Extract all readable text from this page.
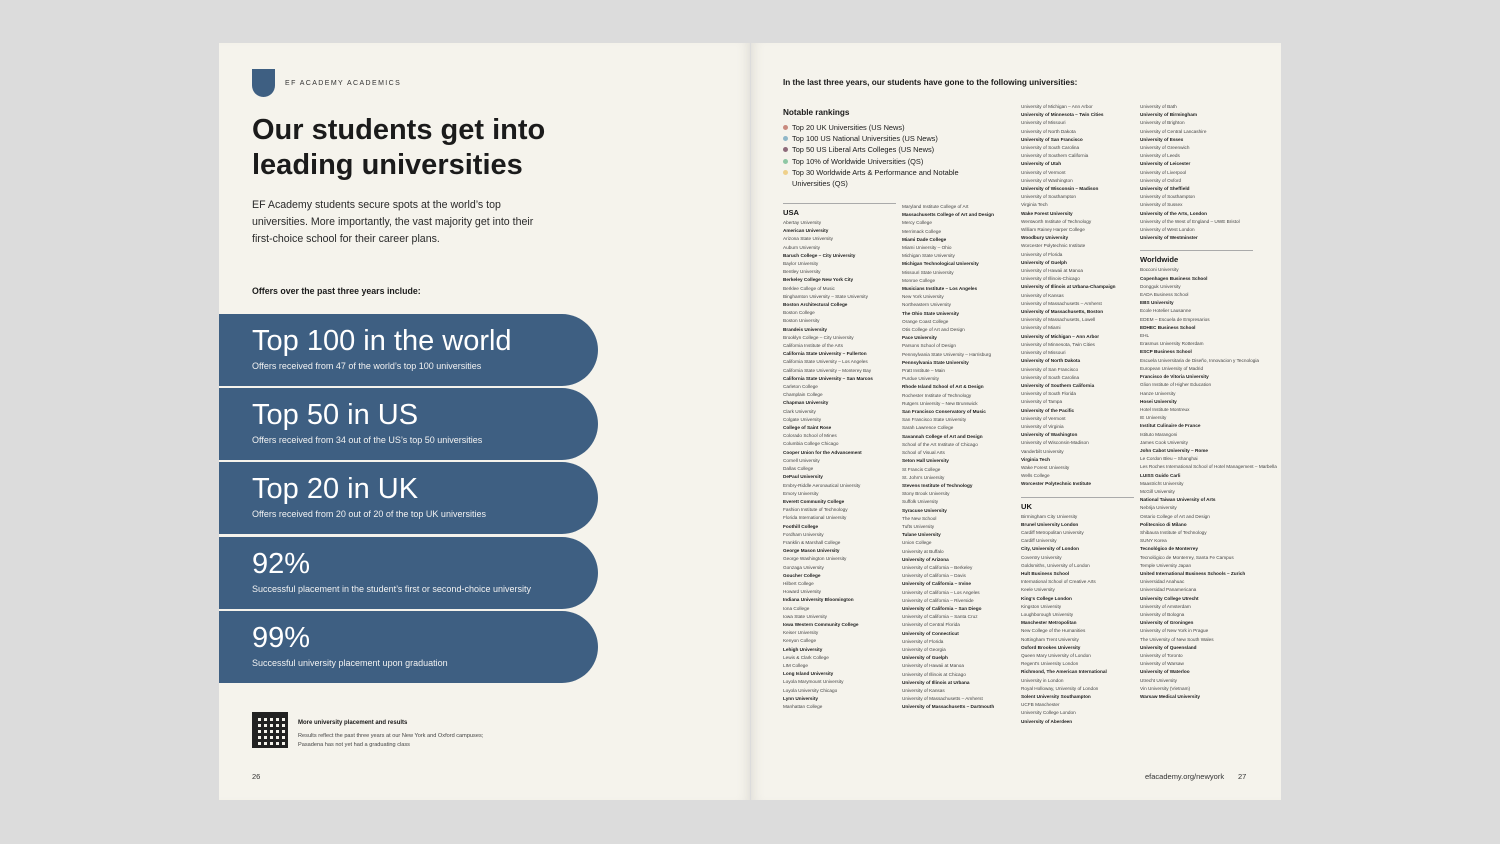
EF ACADEMY ACADEMICS
Our students get into leading universities

EF Academy students secure spots at the world’s top universities. More importantly, the vast majority get into their first-choice school for their career plans.

Offers over the past three years include:
Top 100 in the world
Offers received from 47 of the world’s top 100 universities
Top 50 in US
Offers received from 34 out of the US’s top 50 universities
Top 20 in UK
Offers received from 20 out of 20 of the top UK universities
92%
Successful placement in the student’s first or second-choice university
99%
Successful university placement upon graduation
More university placement and results
Results reflect the past three years at our New York and Oxford campuses; Pasadena has not yet had a graduating class
26
In the last three years, our students have gone to the following universities:
Notable rankings
Top 20 UK Universities (US News)
Top 100 US National Universities (US News)
Top 50 US Liberal Arts Colleges (US News)
Top 10% of Worldwide Universities (QS)
Top 30 Worldwide Arts & Performance and Notable Universities (QS)
USA
Abertay University
American University
Arizona State University
Auburn University
Baruch College – City University
Baylor University
Bentley University
Berkeley College New York City
Berklee College of Music
Binghamton University – State University
Boston Architectural College
Boston College
Boston University
Brandeis University
Brooklyn College – City University
California Institute of the Arts
California State University – Fullerton
California State University – Los Angeles
California State University – Monterey Bay
California State University – San Marcos
Carleton College
Champlain College
Chapman University
Clark University
Colgate University
College of Saint Rose
Colorado School of Mines
Columbia College Chicago
Cooper Union for the Advancement
Cornell University
Dallas College
DePaul University
Embry-Riddle Aeronautical University
Emory University
Everett Community College
Fashion Institute of Technology
Florida International University
Foothill College
Fordham University
Franklin & Marshall College
George Mason University
George Washington University
Gonzaga University
Goucher College
Hilbert College
Howard University
Indiana University Bloomington
Iona College
Iowa State University
Iowa Western Community College
Keiser University
Kenyon College
Lehigh University
Lewis & Clark College
LIM College
Long Island University
Loyola Marymount University
Loyola University Chicago
Lynn University
Manhattan College
Maryland Institute College of Art
Massachusetts College of Art and Design
Mercy College
Merrimack College
Miami Dade College
Miami University – Ohio
Michigan State University
Michigan Technological University
Missouri State University
Monroe College
Musicians Institute – Los Angeles
New York University
Northeastern University
The Ohio State University
Orange Coast College
Otis College of Art and Design
Pace University
Parsons School of Design
Pennsylvania State University – Harrisburg
Pennsylvania State University
Pratt Institute – Main
Purdue University
Rhode Island School of Art & Design
Rochester Institute of Technology
Rutgers University – New Brunswick
San Francisco Conservatory of Music
San Francisco State University
Sarah Lawrence College
Savannah College of Art and Design
School of the Art Institute of Chicago
School of Visual Arts
Seton Hall University
St Francis College
St. John's University
Stevens Institute of Technology
Stony Brook University
Suffolk University
Syracuse University
The New School
Tufts University
Tulane University
Union College
University at Buffalo
University of Arizona
University of California – Berkeley
University of California – Davis
University of California – Irvine
University of California – Los Angeles
University of California – Riverside
University of California – San Diego
University of California – Santa Cruz
University of Central Florida
University of Connecticut
University of Florida
University of Georgia
University of Guelph
University of Hawaii at Manoa
University of Illinois at Chicago
University of Illinois at Urbana
University of Kansas
University of Massachusetts – Amherst
University of Massachusetts – Dartmouth
University of Michigan – Ann Arbor
University of Minnesota – Twin Cities
University of Missouri
University of North Dakota
University of San Francisco
University of South Carolina
University of Southern California
University of Utah
University of Vermont
University of Washington
University of Wisconsin – Madison
University of Southampton
Virginia Tech
Wake Forest University
Wentworth Institute of Technology
William Rainey Harper College
Woodbury University
Worcester Polytechnic Institute
University of Florida
University of Guelph
University of Hawaii at Manoa
University of Illinois-Chicago
University of Illinois at Urbana-Champaign
University of Kansas
University of Massachusetts – Amherst
University of Massachusetts, Boston
University of Massachusetts, Lowell
University of Miami
University of Michigan – Ann Arbor
University of Minnesota, Twin Cities
University of Missouri
University of North Dakota
University of San Francisco
University of South Carolina
University of Southern California
University of South Florida
University of Tampa
University of the Pacific
University of Vermont
University of Virginia
University of Washington
University of Wisconsin-Madison
Vanderbilt University
Virginia Tech
Wake Forest University
Wells College
Worcester Polytechnic Institute
UK
Birmingham City University
Brunel University London
Cardiff Metropolitan University
Cardiff University
City, University of London
Coventry University
Goldsmiths, University of London
Hult Business School
International School of Creative Arts
Keele University
King's College London
Kingston University
Loughborough University
Manchester Metropolitan
New College of the Humanities
Nottingham Trent University
Oxford Brookes University
Queen Mary University of London
Regent's University London
Richmond, The American International
University in London
Royal Holloway, University of London
Solent University Southampton
UCFB Manchester
University College London
University of Aberdeen
University of Bath
University of Birmingham
University of Brighton
University of Central Lancashire
University of Essex
University of Greenwich
University of Leeds
University of Leicester
University of Liverpool
University of Oxford
University of Sheffield
University of Southampton
University of Sussex
University of the Arts, London
University of the West of England – UWE Bristol
University of West London
University of Westminster
Worldwide
Bocconi University
Copenhagen Business School
Dongguk University
EADA Business School
EBS University
Ecole Hotelier Lausanne
EDEM – Escuela de Empresarios
EDHEC Business School
EHL
Erasmus University Rotterdam
ESCP Business School
Escuela Universitaria de Diseño, Innovacion y Tecnologia
European University of Madrid
Francisco de Vitoria University
Glion Institute of Higher Education
Hanze University
Hosei University
Hotel Institute Montreux
IE University
Institut Culinaire de France
Istituto Marangoni
James Cook University
John Cabot University – Rome
Le Cordon Bleu – Shanghai
Les Roches International School of Hotel Management – Marbella
LUISS Guido Carli
Maastricht University
McGill University
National Taiwan University of Arts
Nebrija University
Ontario College of Art and Design
Politecnico di Milano
Shibaura Institute of Technology
SUNY Korea
Tecnológico de Monterrey
Tecnológico de Monterrey, Santa Fe Campus
Temple University Japan
United International Business Schools – Zurich
Universidad Anahuac
Universidad Panamericana
University College Utrecht
University of Amsterdam
University of Bologna
University of Groningen
University of New York in Prague
The University of New South Wales
University of Queensland
University of Toronto
University of Warsaw
University of Waterloo
Utrecht University
Vin University (Vietnam)
Warsaw Medical University
efacademy.org/newyork 27
